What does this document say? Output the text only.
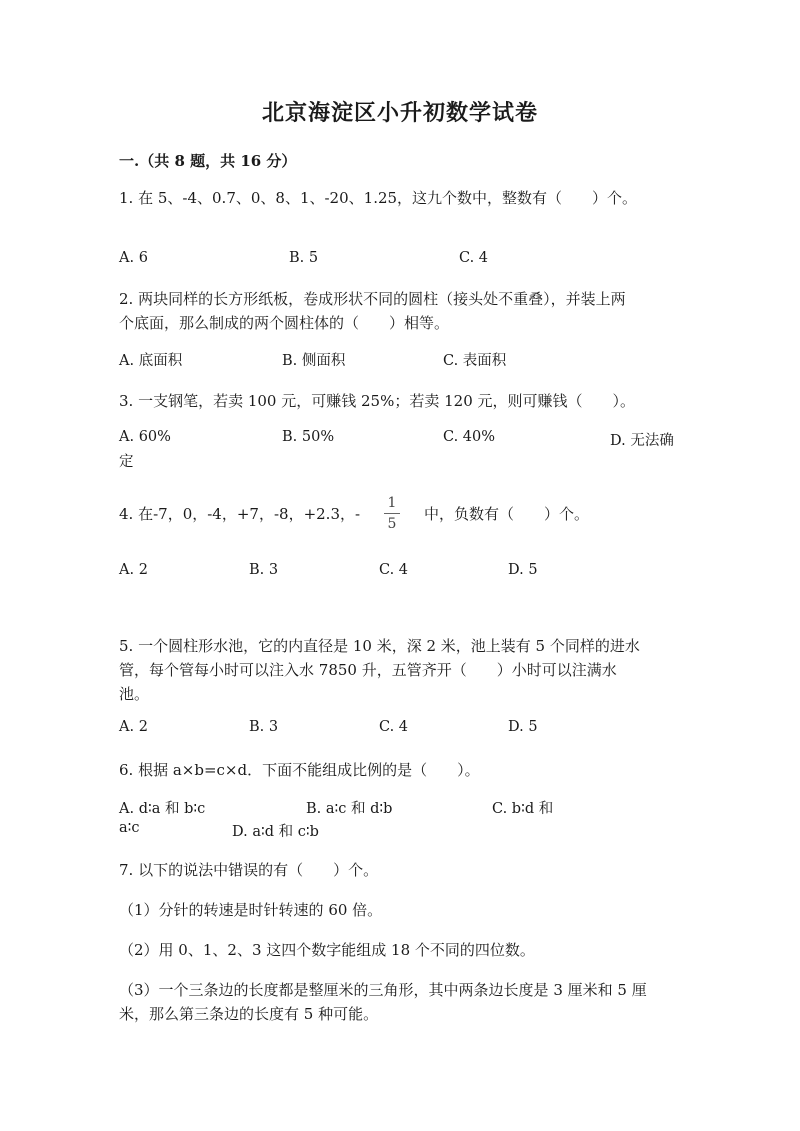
北京海淀区小升初数学试卷
一.（共 8 题，共 16 分）
1. 在 5、-4、0.7、0、8、1、-20、1.25，这九个数中，整数有（　　）个。
A. 6	B. 5	C. 4
2. 两块同样的长方形纸板，卷成形状不同的圆柱（接头处不重叠），并装上两
个底面，那么制成的两个圆柱体的（　　）相等。
A. 底面积	B. 侧面积	C. 表面积
3. 一支钢笔，若卖 100 元，可赚钱 25%；若卖 120 元，则可赚钱（　　）。
A. 60%	B. 50%	C. 40%	D. 无法确
定
4. 在-7，0，-4，+7，-8，+2.3，-
1
5
中，负数有（　　）个。
A. 2	B. 3	C. 4	D. 5
5. 一个圆柱形水池，它的内直径是 10 米，深 2 米，池上装有 5 个同样的进水
管，每个管每小时可以注入水 7850 升，五管齐开（　　）小时可以注满水
池。
A. 2	B. 3	C. 4	D. 5
6. 根据 a×b=c×d．下面不能组成比例的是（　　）。
A. d∶a 和 b∶c	B. a∶c 和 d∶b	C. b∶d 和
a∶c	D. a∶d 和 c∶b
7. 以下的说法中错误的有（　　）个。
（1）分针的转速是时针转速的 60 倍。
（2）用 0、1、2、3 这四个数字能组成 18 个不同的四位数。
（3）一个三条边的长度都是整厘米的三角形，其中两条边长度是 3 厘米和 5 厘
米，那么第三条边的长度有 5 种可能。
